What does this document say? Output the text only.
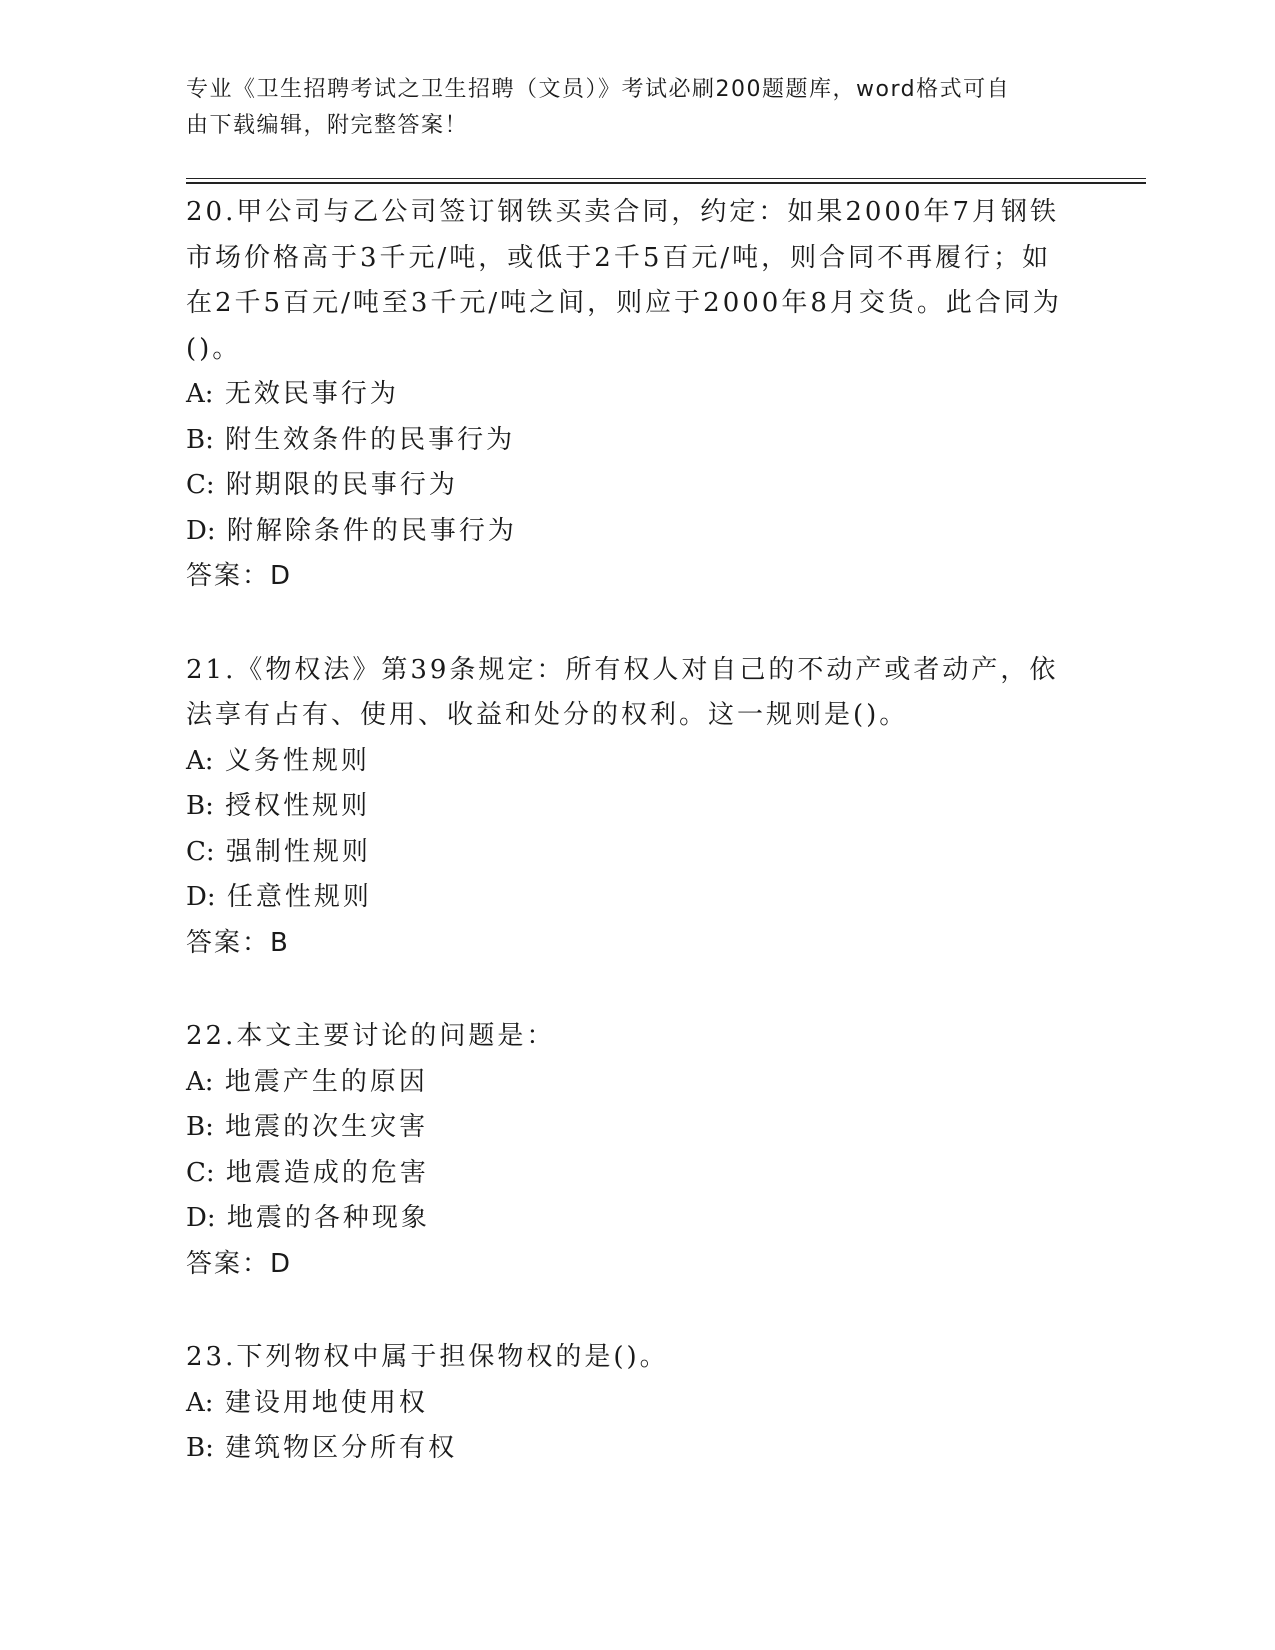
专业《卫生招聘考试之卫生招聘（文员）》考试必刷200题题库，word格式可自
由下载编辑，附完整答案！
20.甲公司与乙公司签订钢铁买卖合同，约定：如果2000年7月钢铁市场价格高于3千元/吨，或低于2千5百元/吨，则合同不再履行；如在2千5百元/吨至3千元/吨之间，则应于2000年8月交货。此合同为()。
A: 无效民事行为
B: 附生效条件的民事行为
C: 附期限的民事行为
D: 附解除条件的民事行为
答案：D
21.《物权法》第39条规定：所有权人对自己的不动产或者动产，依法享有占有、使用、收益和处分的权利。这一规则是()。
A: 义务性规则
B: 授权性规则
C: 强制性规则
D: 任意性规则
答案：B
22.本文主要讨论的问题是：
A: 地震产生的原因
B: 地震的次生灾害
C: 地震造成的危害
D: 地震的各种现象
答案：D
23.下列物权中属于担保物权的是()。
A: 建设用地使用权
B: 建筑物区分所有权
